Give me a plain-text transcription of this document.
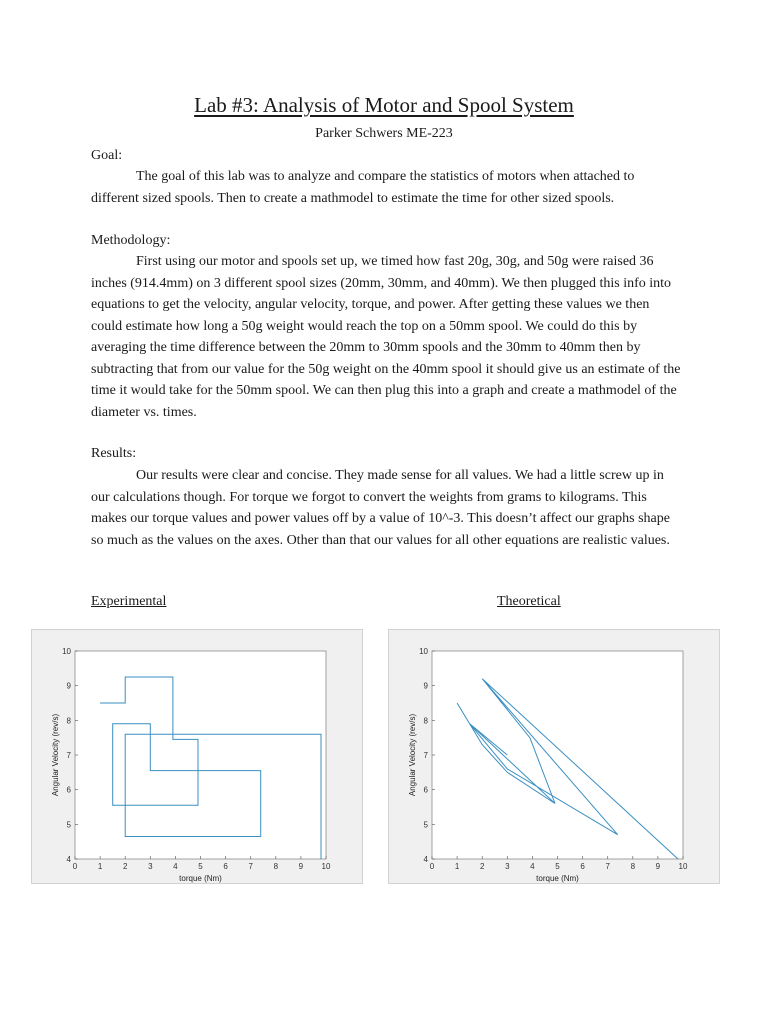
Lab #3: Analysis of Motor and Spool System
Parker Schwers ME-223
Goal:

The goal of this lab was to analyze and compare the statistics of motors when attached to different sized spools. Then to create a mathmodel to estimate the time for other sized spools.

Methodology:

First using our motor and spools set up, we timed how fast 20g, 30g, and 50g were raised 36 inches (914.4mm) on 3 different spool sizes (20mm, 30mm, and 40mm). We then plugged this info into equations to get the velocity, angular velocity, torque, and power. After getting these values we then could estimate how long a 50g weight would reach the top on a 50mm spool. We could do this by averaging the time difference between the 20mm to 30mm spools and the 30mm to 40mm then by subtracting that from our value for the 50g weight on the 40mm spool it should give us an estimate of the time it would take for the 50mm spool. We can then plug this into a graph and create a mathmodel of the diameter vs. times.

Results:

Our results were clear and concise. They made sense for all values. We had a little screw up in our calculations though. For torque we forgot to convert the weights from grams to kilograms. This makes our torque values and power values off by a value of 10^-3. This doesn’t affect our graphs shape so much as the values on the axes. Other than that our values for all other equations are realistic values.

Experimental	Theoretical
0	1	2	3	4	5	6	7	8	9 10
4
5
6
7
8
9
10
torque (Nm)
Angular Velocity (rev/s)
0	1	2	3	4	5	6	7	8	9 10
4
5
6
7
8
9
10
torque (Nm)
Angular Velocity (rev/s)
